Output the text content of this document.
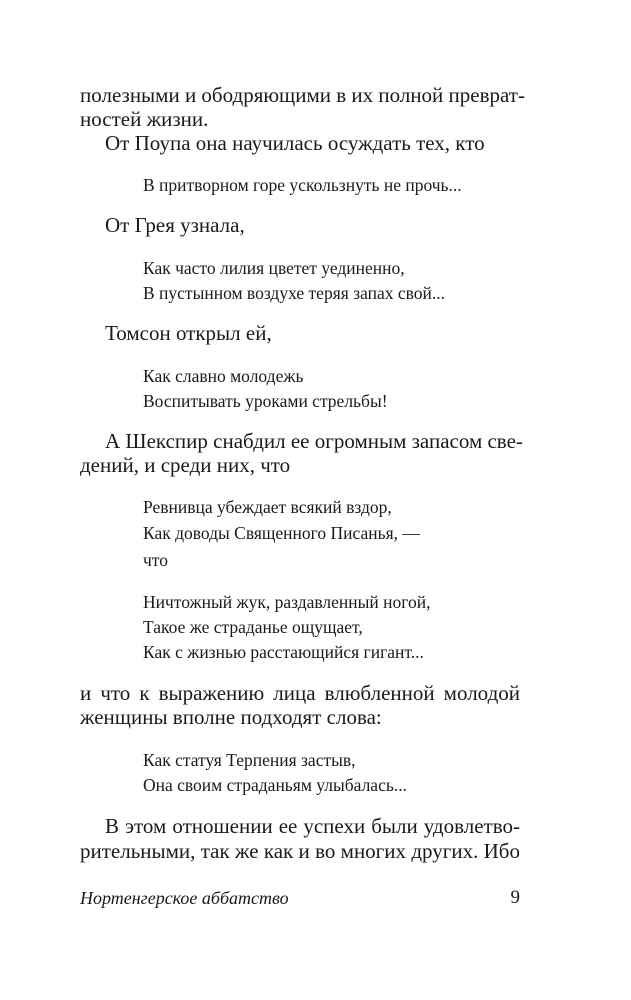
полезными и ободряющими в их полной преврат-
ностей жизни.
От Поупа она научилась осуждать тех, кто
В притворном горе ускользнуть не прочь...
От Грея узнала,
Как часто лилия цветет уединенно,
В пустынном воздухе теряя запах свой...
Томсон открыл ей,
Как славно молодежь
Воспитывать уроками стрельбы!
А Шекспир снабдил ее огромным запасом све-
дений, и среди них, что
Ревнивца убеждает всякий вздор,
Как доводы Священного Писанья, —
что
Ничтожный жук, раздавленный ногой,
Такое же страданье ощущает,
Как с жизнью расстающийся гигант...
и что к выражению лица влюбленной молодой
женщины вполне подходят слова:
Как статуя Терпения застыв,
Она своим страданьям улыбалась...
В этом отношении ее успехи были удовлетво-
рительными, так же как и во многих других. Ибо
Нортенгерское аббатство	9
